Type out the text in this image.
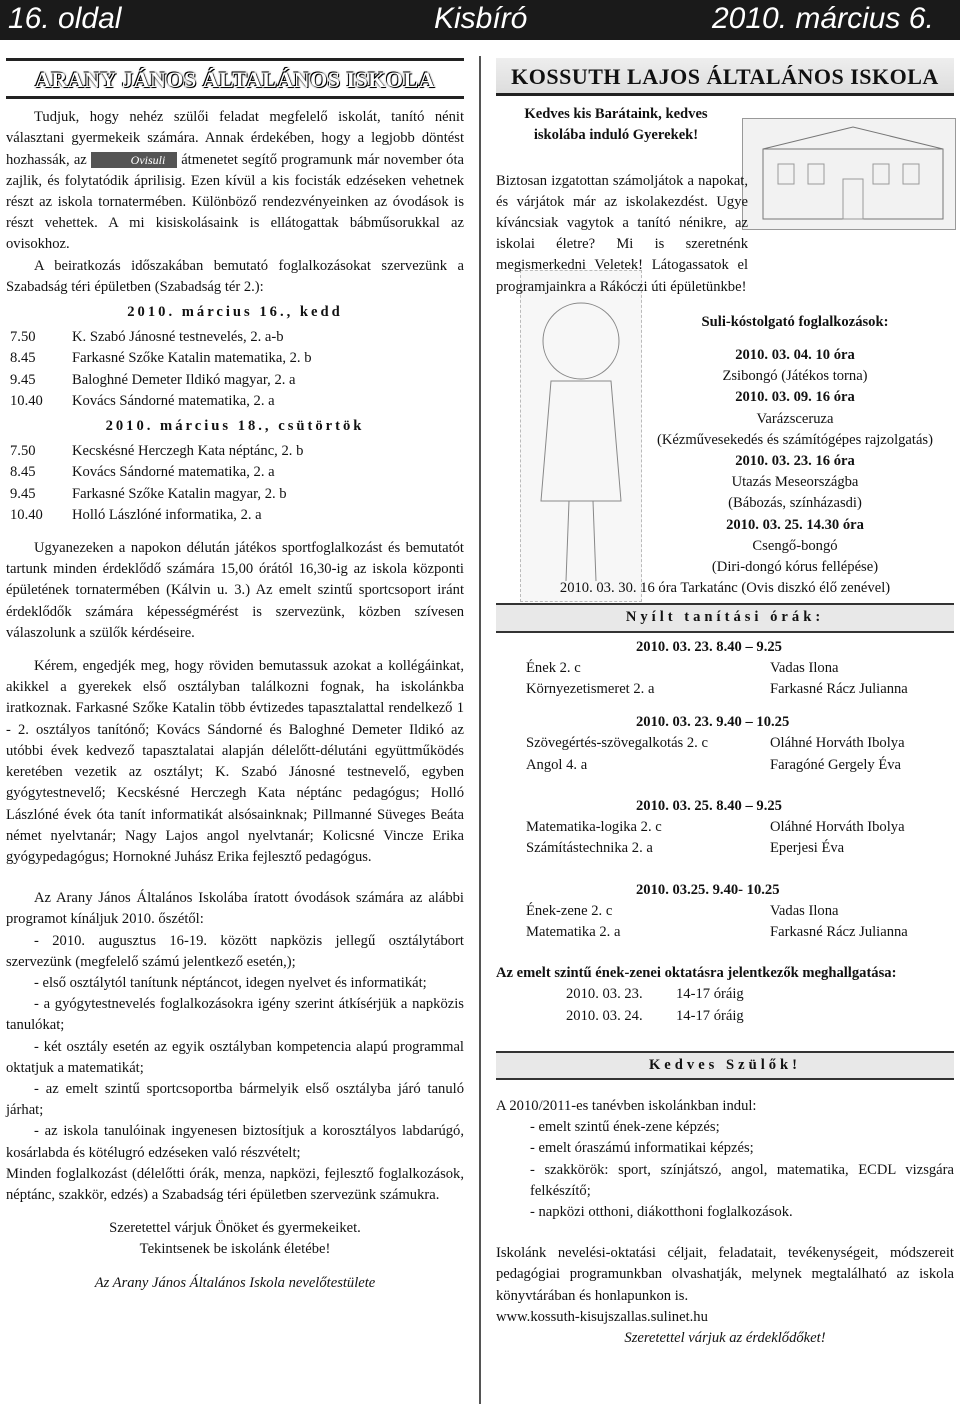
16. oldal	Kisbíró	2010. március 6.
ARANY JÁNOS ÁLTALÁNOS ISKOLA

Tudjuk, hogy nehéz szülői feladat megfelelő iskolát, tanító nénit választani gyermekeik számára. Annak érdekében, hogy a legjobb döntést hozhassák, az	Ovisuli átmenetet segítő programunk már november óta zajlik, és folytatódik áprilisig. Ezen kívül a kis focisták edzéseken vehetnek részt az iskola tornatermében. Különböző rendezvényeinken az óvodások is részt vehettek. A mi kisiskolásaink is ellátogattak bábműsorukkal az ovisokhoz.

A beiratkozás időszakában bemutató foglalkozásokat szervezünk a Szabadság téri épületben (Szabadság tér 2.):

2010. március 16., kedd
7.50	K. Szabó Jánosné testnevelés, 2. a-b
8.45	Farkasné Szőke Katalin matematika, 2. b
9.45	Baloghné Demeter Ildikó magyar, 2. a
10.40	Kovács Sándorné matematika, 2. a
2010. március 18., csütörtök
7.50	Kecskésné Herczegh Kata néptánc, 2. b
8.45	Kovács Sándorné matematika, 2. a
9.45	Farkasné Szőke Katalin magyar, 2. b
10.40	Holló Lászlóné informatika, 2. a

Ugyanezeken a napokon délután játékos sportfoglalkozást és bemutatót tartunk minden érdeklődő számára 15,00 órától 16,30-ig az iskola központi épületének tornatermében (Kálvin u. 3.) Az emelt szintű sportcsoport iránt érdeklődők számára képességmérést is szervezünk, közben szívesen válaszolunk a szülők kérdéseire.

Kérem, engedjék meg, hogy röviden bemutassuk azokat a kollégáinkat, akikkel a gyerekek első osztályban találkozni fognak, ha iskolánkba iratkoznak. Farkasné Szőke Katalin több évtizedes tapasztalattal rendelkező 1 - 2. osztályos tanítónő; Kovács Sándorné és Baloghné Demeter Ildikó az utóbbi évek kedvező tapasztalatai alapján délelőtt-délutáni együttműködés keretében vezetik az osztályt; K. Szabó Jánosné testnevelő, egyben gyógytestnevelő; Kecskésné Herczegh Kata néptánc pedagógus; Holló Lászlóné évek óta tanít informatikát alsósainknak; Pillmanné Süveges Beáta német nyelvtanár; Nagy Lajos angol nyelvtanár; Kolicsné Vincze Erika gyógypedagógus; Hornokné Juhász Erika fejlesztő pedagógus.

Az Arany János Általános Iskolába íratott óvodások számára az alábbi programot kínáljuk 2010. őszétől:

- 2010. augusztus 16-19. között napközis jellegű osztálytábort szervezünk (megfelelő számú jelentkező esetén,);

- első osztálytól tanítunk néptáncot, idegen nyelvet és informatikát;

- a gyógytestnevelés foglalkozásokra igény szerint átkísérjük a napközis tanulókat;

- két osztály esetén az egyik osztályban kompetencia alapú programmal oktatjuk a matematikát;

- az emelt szintű sportcsoportba bármelyik első osztályba járó tanuló járhat;

- az iskola tanulóinak ingyenesen biztosítjuk a korosztályos labdarúgó, kosárlabda és kötélugró edzéseken való részvételt;

Minden foglalkozást (délelőtti órák, menza, napközi, fejlesztő foglalkozások, néptánc, szakkör, edzés) a Szabadság téri épületben szervezünk számukra.

Szeretettel várjuk Önöket és gyermekeiket.

Tekintsenek be iskolánk életébe!

Az Arany János Általános Iskola nevelőtestülete

KOSSUTH LAJOS ÁLTALÁNOS ISKOLA
Kedves kis Barátaink, kedves
iskolába induló Gyerekek!

Biztosan izgatottan számoljátok a napokat, és várjátok már az iskolakezdést. Ugye kíváncsiak vagytok a tanító nénikre, az iskolai életre? Mi is szeretnénk megismerkedni Veletek! Látogassatok el programjainkra a Rákóczi úti épületünkbe!

Suli-kóstolgató foglalkozások:
2010. 03. 04. 10 óra
Zsibongó (Játékos torna)
2010. 03. 09. 16 óra
Varázsceruza
(Kézművesekedés és számítógépes rajzolgatás)
2010. 03. 23. 16 óra
Utazás Meseországba
(Bábozás, színházasdi)
2010. 03. 25. 14.30 óra
Csengő-bongó
(Diri-dongó kórus fellépése)
2010. 03. 30. 16 óra Tarkatánc (Ovis diszkó élő zenével)
Nyílt tanítási órák:
2010. 03. 23. 8.40 – 9.25
Ének 2. c	Vadas Ilona
Környezetismeret 2. a	Farkasné Rácz Julianna
2010. 03. 23. 9.40 – 10.25
Szövegértés-szövegalkotás 2. c	Oláhné Horváth Ibolya
Angol 4. a	Faragóné Gergely Éva
2010. 03. 25. 8.40 – 9.25
Matematika-logika 2. c	Oláhné Horváth Ibolya
Számítástechnika 2. a	Eperjesi Éva
2010. 03.25. 9.40- 10.25
Ének-zene 2. c	Vadas Ilona
Matematika 2. a	Farkasné Rácz Julianna
Az emelt szintű ének-zenei oktatásra jelentkezők meghallgatása:
2010. 03. 23.	14-17 óráig
2010. 03. 24.	14-17 óráig
Kedves Szülők!

A 2010/2011-es tanévben iskolánkban indul:

- emelt szintű ének-zene képzés;

- emelt óraszámú informatikai képzés;

- szakkörök: sport, színjátszó, angol, matematika, ECDL vizsgára felkészítő;

- napközi otthoni, diákotthoni foglalkozások.

Iskolánk nevelési-oktatási céljait, feladatait, tevékenységeit, módszereit pedagógiai programunkban olvashatják, melynek megtalálható az iskola könyvtárában és honlapunkon is.

www.kossuth-kisujszallas.sulinet.hu

Szeretettel várjuk az érdeklődőket!
